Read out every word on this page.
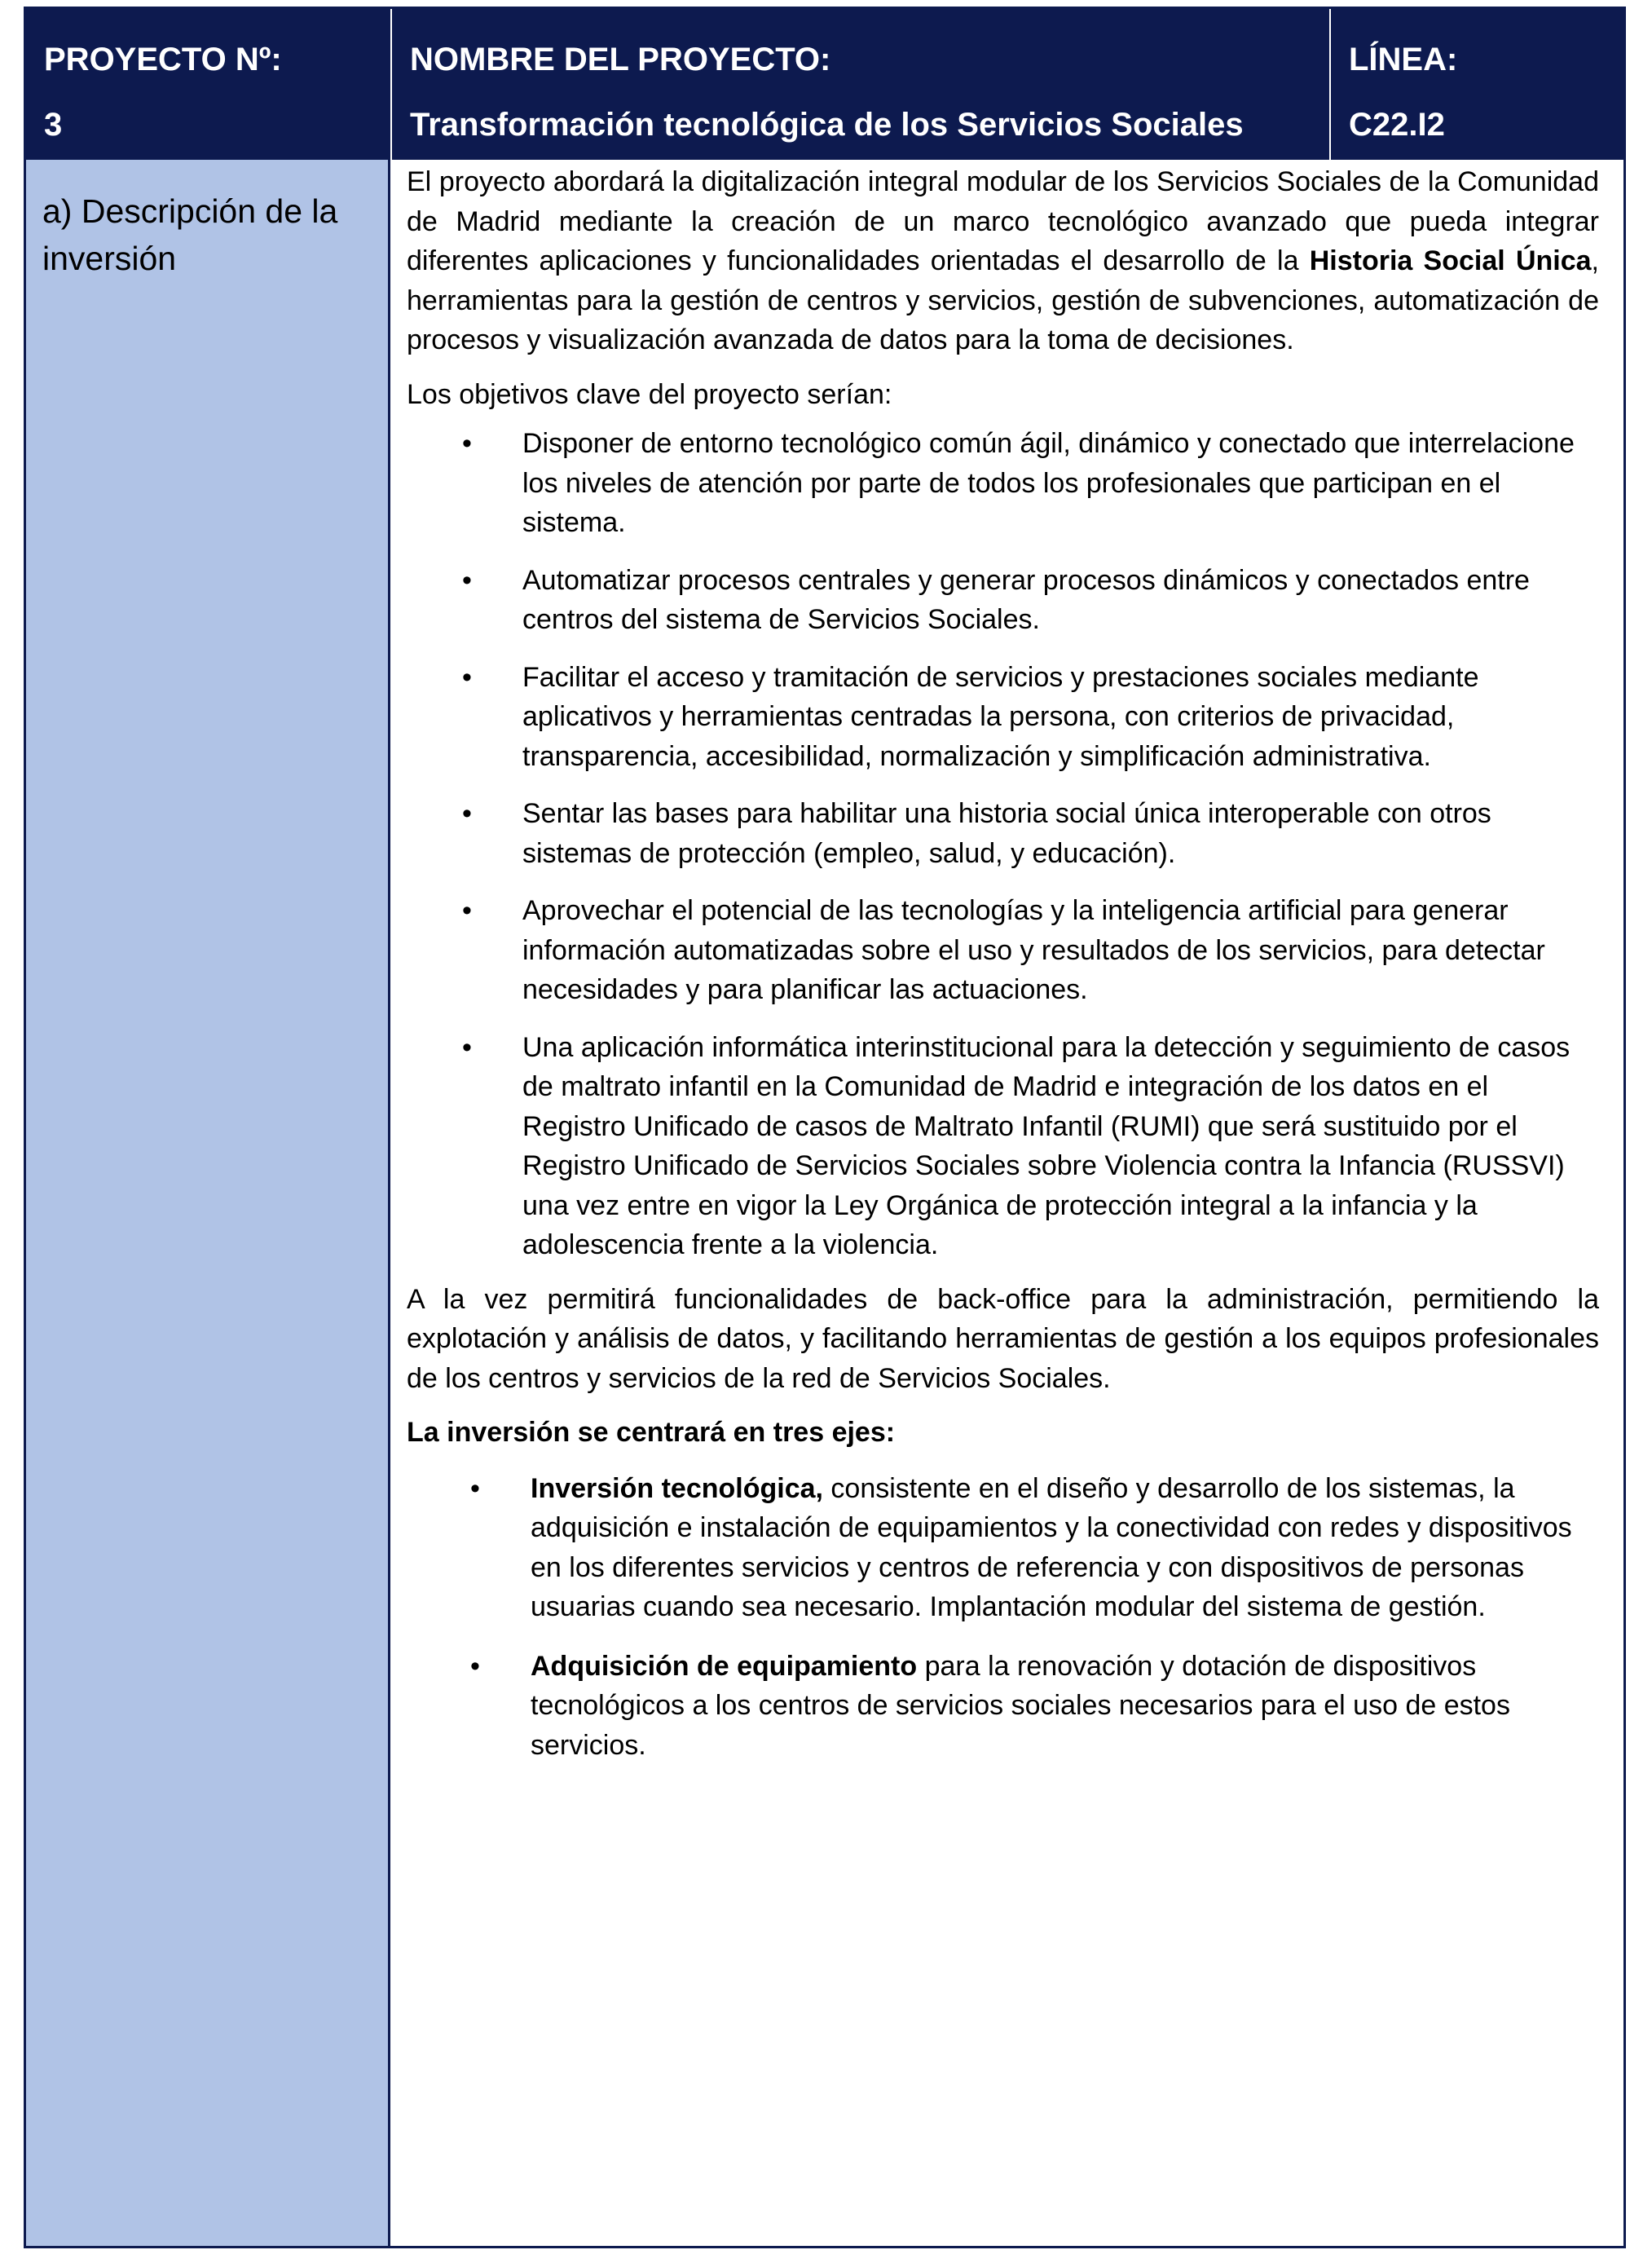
PROYECTO Nº:
3
NOMBRE DEL PROYECTO:
Transformación tecnológica de los Servicios Sociales
LÍNEA:
C22.I2
a) Descripción de la inversión

El proyecto abordará la digitalización integral modular de los Servicios Sociales de la Comunidad de Madrid mediante la creación de un marco tecnológico avanzado que pueda integrar diferentes aplicaciones y funcionalidades orientadas el desarrollo de la Historia Social Única, herramientas para la gestión de centros y servicios, gestión de subvenciones, automatización de procesos y visualización avanzada de datos para la toma de decisiones.

Los objetivos clave del proyecto serían:

• Disponer de entorno tecnológico común ágil, dinámico y conectado que interrelacione los niveles de atención por parte de todos los profesionales que participan en el sistema.
• Automatizar procesos centrales y generar procesos dinámicos y conectados entre centros del sistema de Servicios Sociales.
• Facilitar el acceso y tramitación de servicios y prestaciones sociales mediante aplicativos y herramientas centradas la persona, con criterios de privacidad, transparencia, accesibilidad, normalización y simplificación administrativa.
• Sentar las bases para habilitar una historia social única interoperable con otros sistemas de protección (empleo, salud, y educación).
• Aprovechar el potencial de las tecnologías y la inteligencia artificial para generar información automatizadas sobre el uso y resultados de los servicios, para detectar necesidades y para planificar las actuaciones.
• Una aplicación informática interinstitucional para la detección y seguimiento de casos de maltrato infantil en la Comunidad de Madrid e integración de los datos en el Registro Unificado de casos de Maltrato Infantil (RUMI) que será sustituido por el Registro Unificado de Servicios Sociales sobre Violencia contra la Infancia (RUSSVI) una vez entre en vigor la Ley Orgánica de protección integral a la infancia y la adolescencia frente a la violencia.

A la vez permitirá funcionalidades de back-office para la administración, permitiendo la explotación y análisis de datos, y facilitando herramientas de gestión a los equipos profesionales de los centros y servicios de la red de Servicios Sociales.

La inversión se centrará en tres ejes:

• Inversión tecnológica, consistente en el diseño y desarrollo de los sistemas, la adquisición e instalación de equipamientos y la conectividad con redes y dispositivos en los diferentes servicios y centros de referencia y con dispositivos de personas usuarias cuando sea necesario. Implantación modular del sistema de gestión.
• Adquisición de equipamiento para la renovación y dotación de dispositivos tecnológicos a los centros de servicios sociales necesarios para el uso de estos servicios.
